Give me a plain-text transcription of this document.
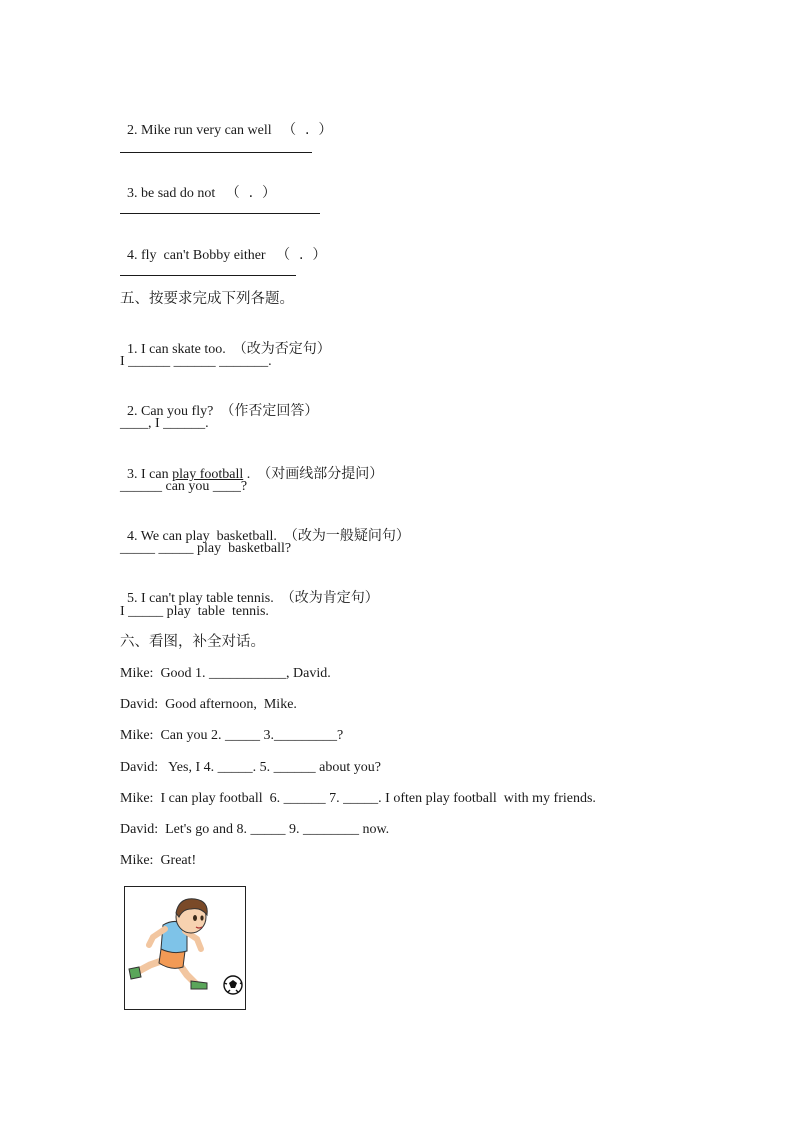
2. Mike run very can well （  .  ）

3. be sad do not （  .  ）

4. fly  can't Bobby either （  .  ）

五、按要求完成下列各题。

1. I can skate too. （改为否定句）

I ______ ______ _______.

2. Can you fly? （作否定回答）

____, I ______.

3. I can play football . （对画线部分提问）

______ can you ____?

4. We can play  basketball. （改为一般疑问句）

_____ _____ play  basketball?

5. I can't play table tennis. （改为肯定句）

I _____ play  table  tennis.
六、看图，补全对话。
Mike:  Good 1. ___________, David.
David:  Good afternoon,  Mike.
Mike:  Can you 2. _____ 3._________?
David:   Yes, I 4. _____. 5. ______ about you?
Mike:  I can play football  6. ______ 7. _____. I often play football  with my friends.
David:  Let's go and 8. _____ 9. ________ now.
Mike:  Great!
